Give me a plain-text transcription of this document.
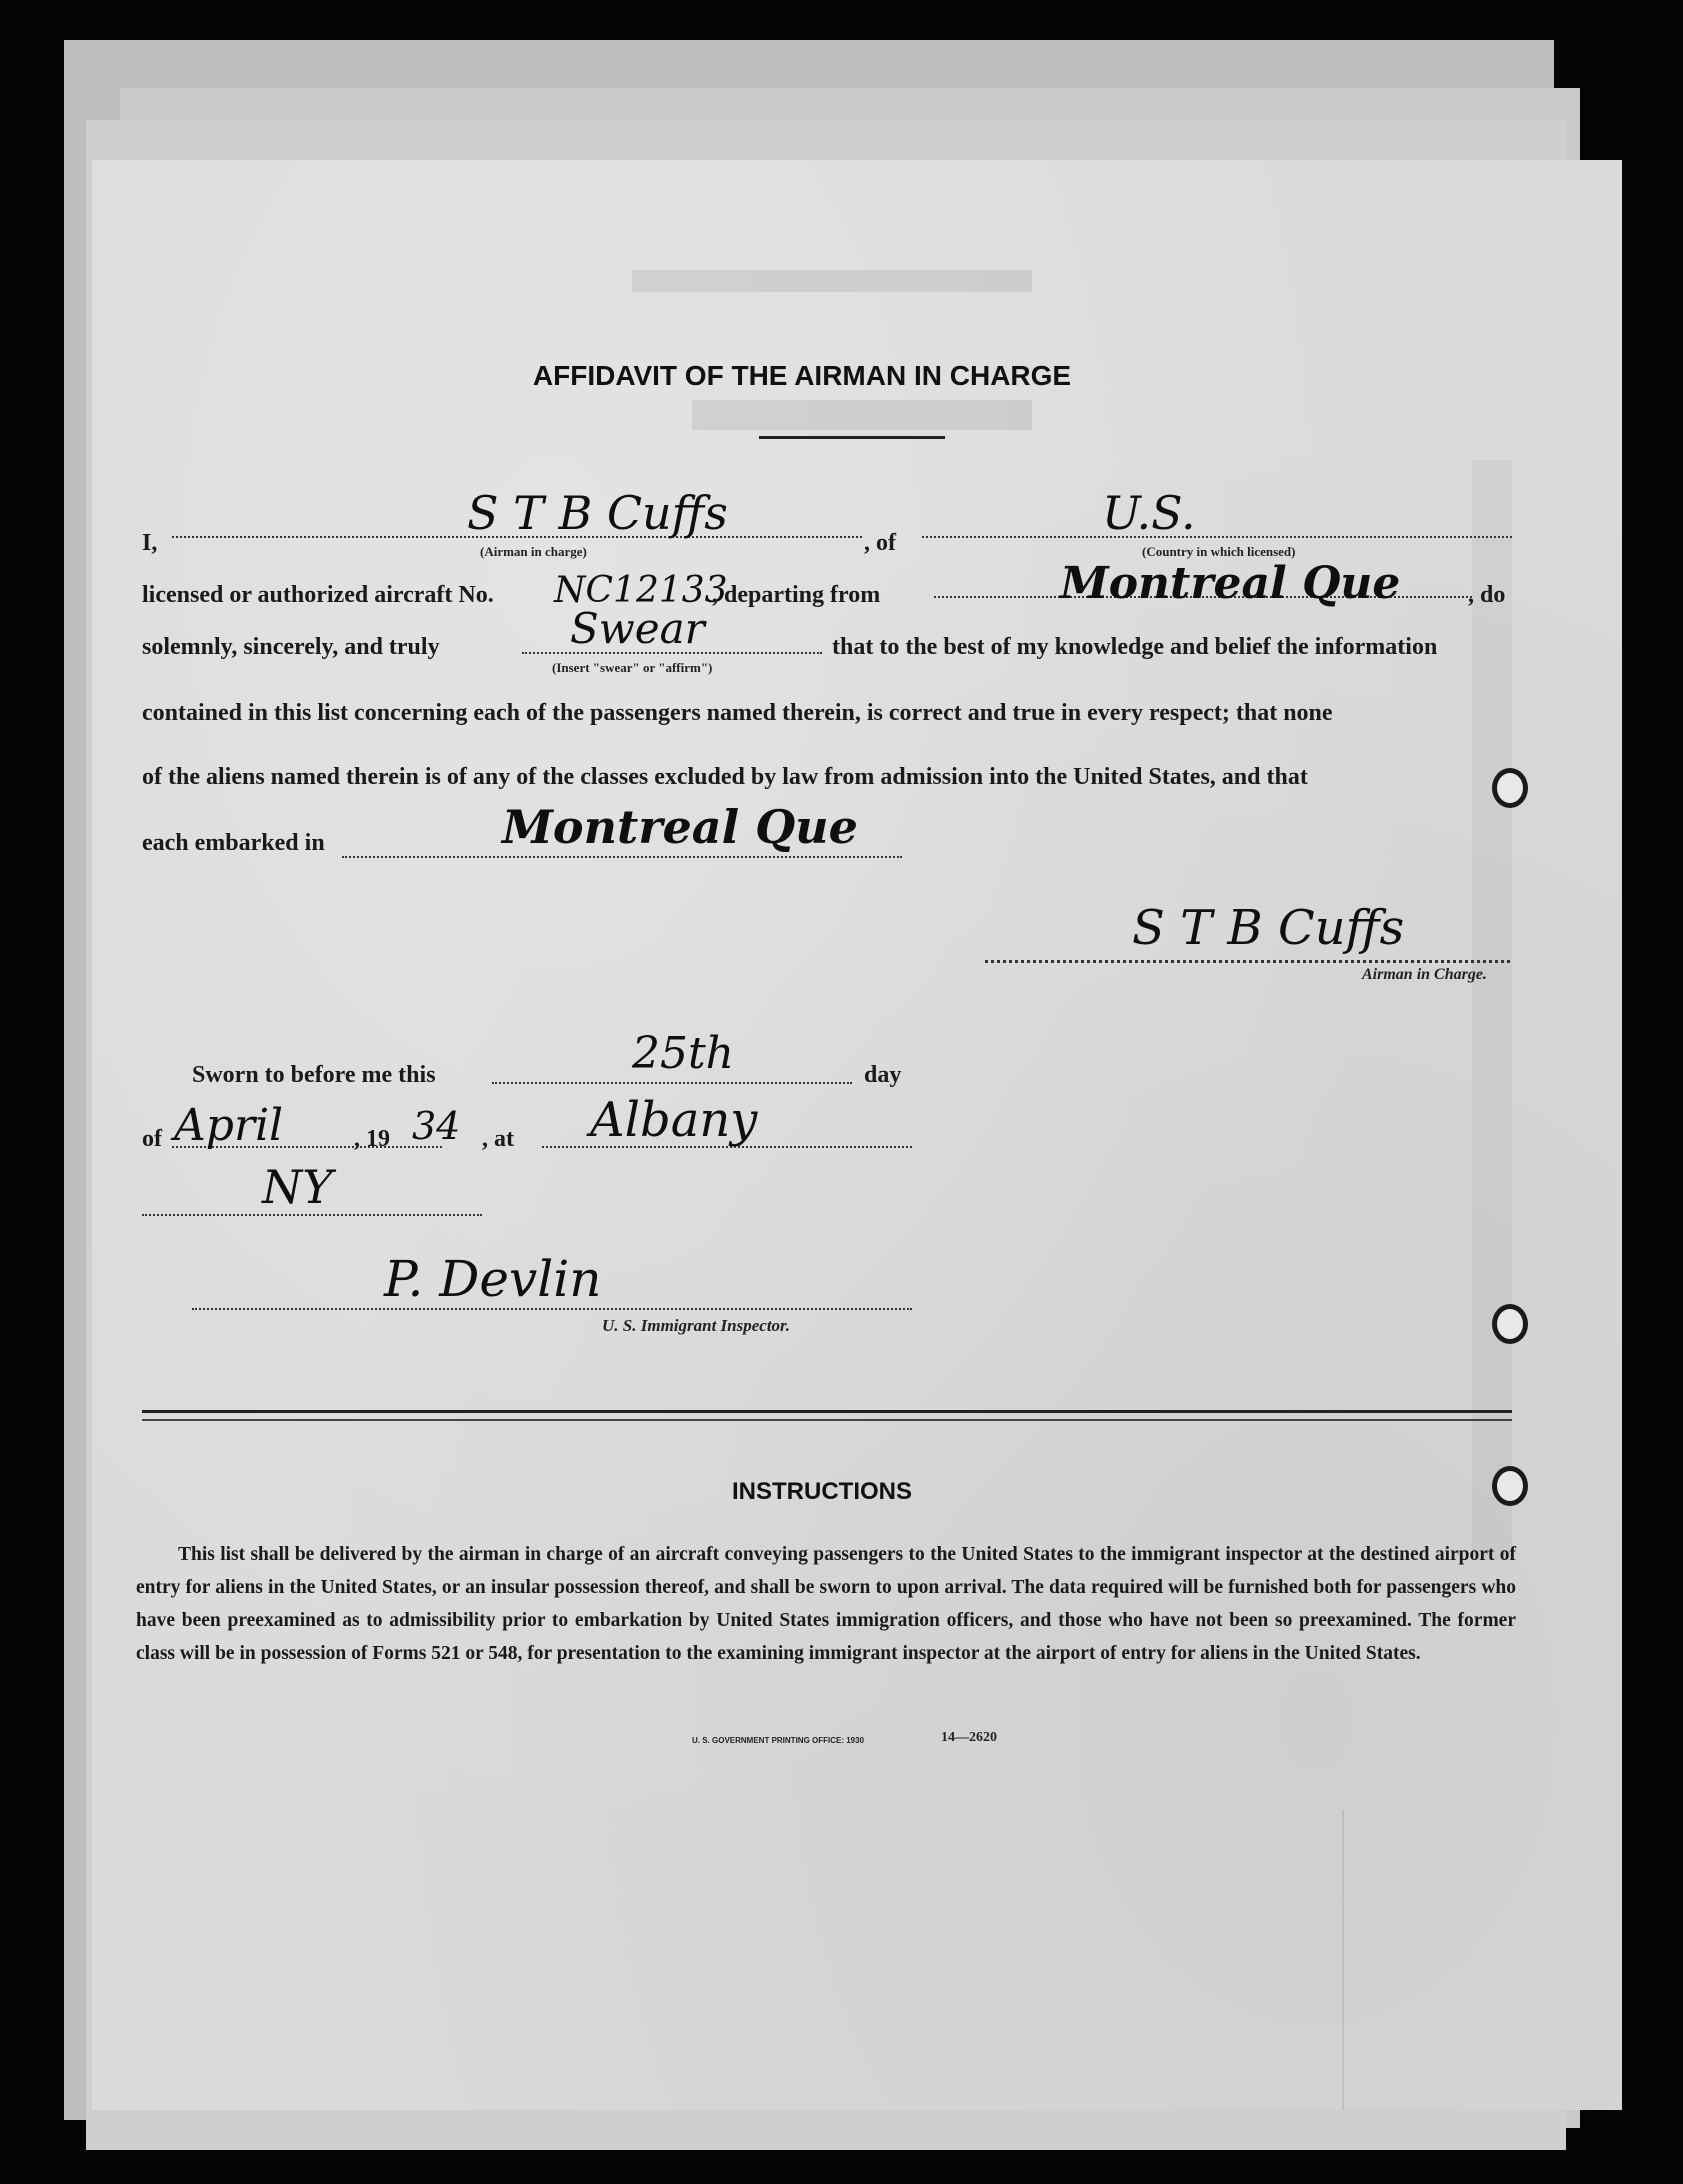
AFFIDAVIT OF THE AIRMAN IN CHARGE
I,
S T B Cuffs
(Airman in charge)	, of
U.S.
(Country in which licensed)
licensed or authorized aircraft No. NC12133
, departing from	Montreal Que	, do
solemnly, sincerely, and truly	Swear
(Insert "swear" or "affirm")
that to the best of my knowledge and belief the information
contained in this list concerning each of the passengers named therein, is correct and true in every respect; that none
of the aliens named therein is of any of the classes excluded by law from admission into the United States, and that
each embarked in	Montreal Que
S T B Cuffs
Airman in Charge.
Sworn to before me this	25th	day
of April	, 19 34 , at Albany
NY
P. Devlin
U. S. Immigrant Inspector.
INSTRUCTIONS
This list shall be delivered by the airman in charge of an aircraft conveying passengers to the United States to the immigrant inspector at the destined airport of entry for aliens in the United States, or an insular possession thereof, and shall be sworn to upon arrival. The data required will be furnished both for passengers who have been preexamined as to admissibility prior to embarkation by United States immigration officers, and those who have not been so preexamined. The former class will be in possession of Forms 521 or 548, for presentation to the examining immigrant inspector at the airport of entry for aliens in the United States.
U. S. GOVERNMENT PRINTING OFFICE: 1930	14—2620
